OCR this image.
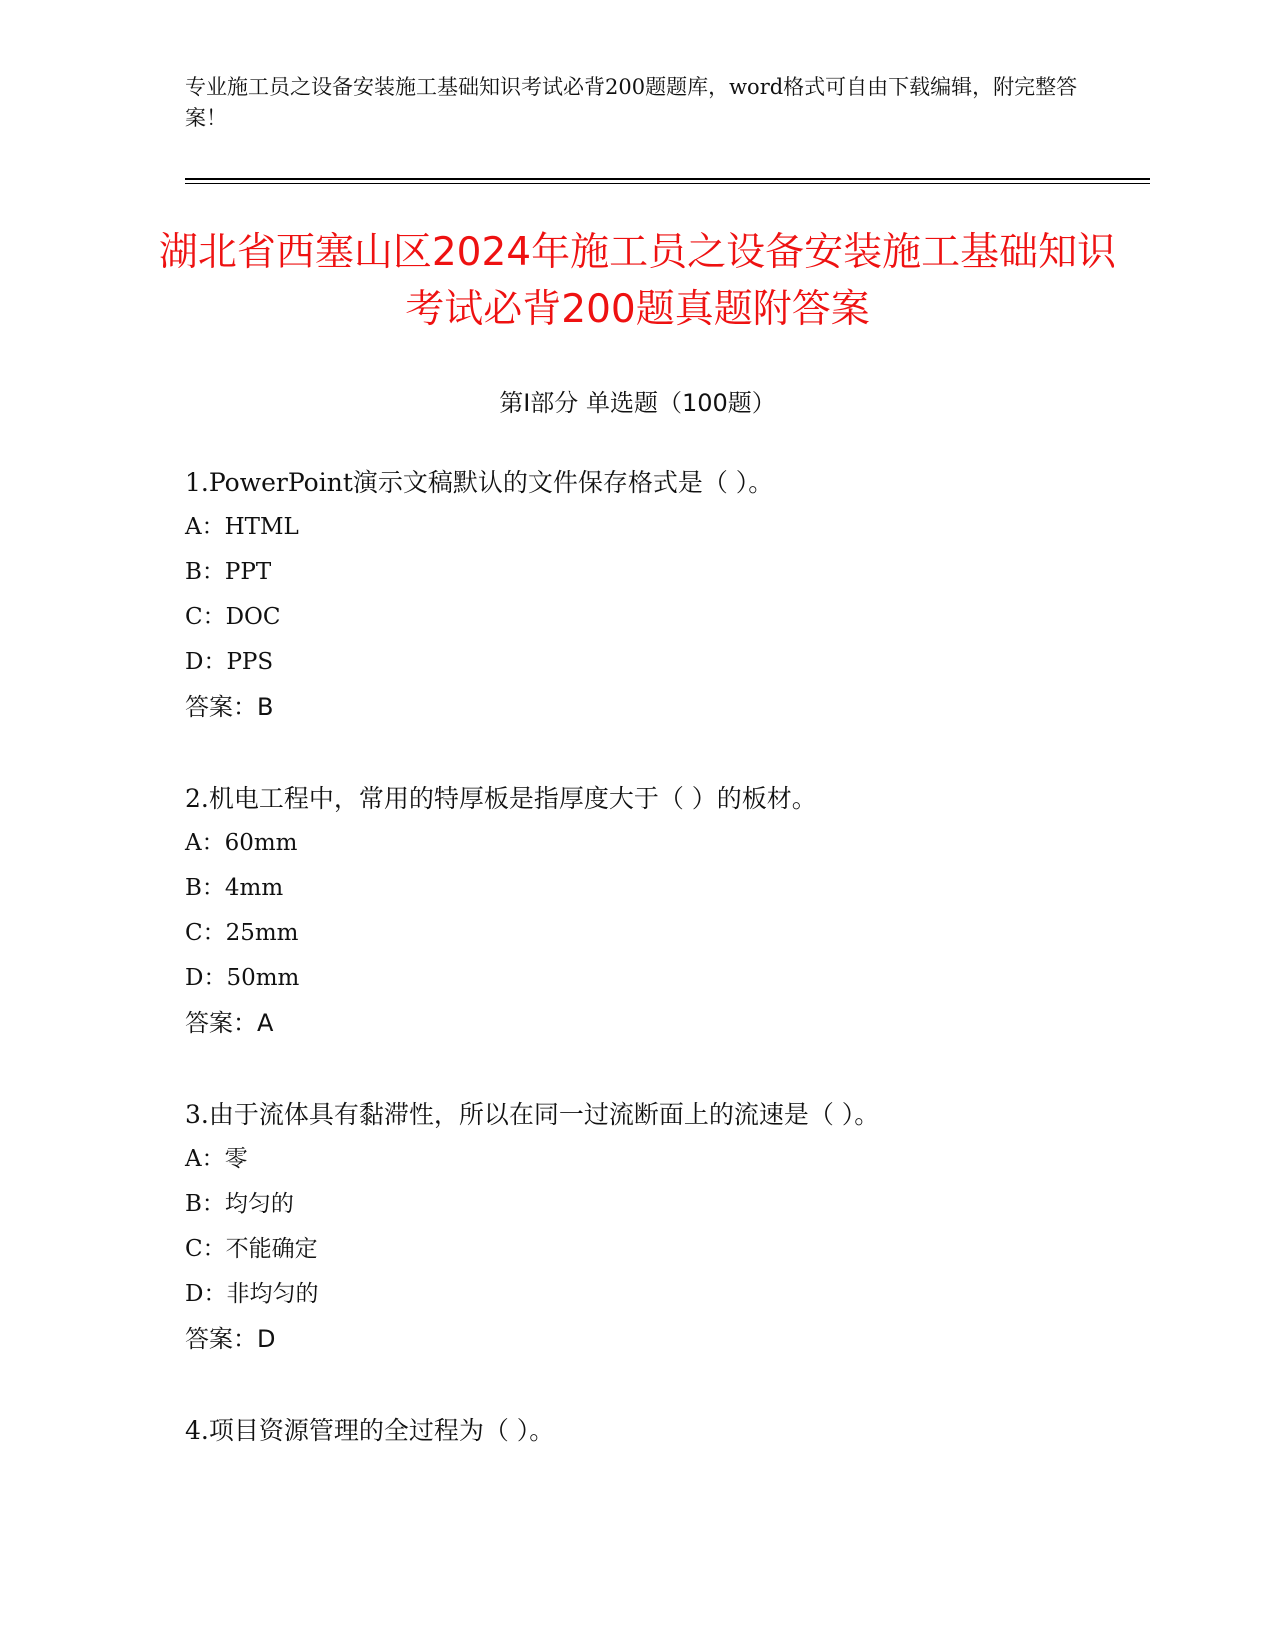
专业施工员之设备安装施工基础知识考试必背200题题库，word格式可自由下载编辑，附完整答案！
湖北省西塞山区2024年施工员之设备安装施工基础知识考试必背200题真题附答案
第I部分 单选题（100题）
1.PowerPoint演示文稿默认的文件保存格式是（ ）。
A：HTML
B：PPT
C：DOC
D：PPS
答案：B
2.机电工程中，常用的特厚板是指厚度大于（ ）的板材。
A：60mm
B：4mm
C：25mm
D：50mm
答案：A
3.由于流体具有黏滞性，所以在同一过流断面上的流速是（ ）。
A：零
B：均匀的
C：不能确定
D：非均匀的
答案：D
4.项目资源管理的全过程为（ ）。
